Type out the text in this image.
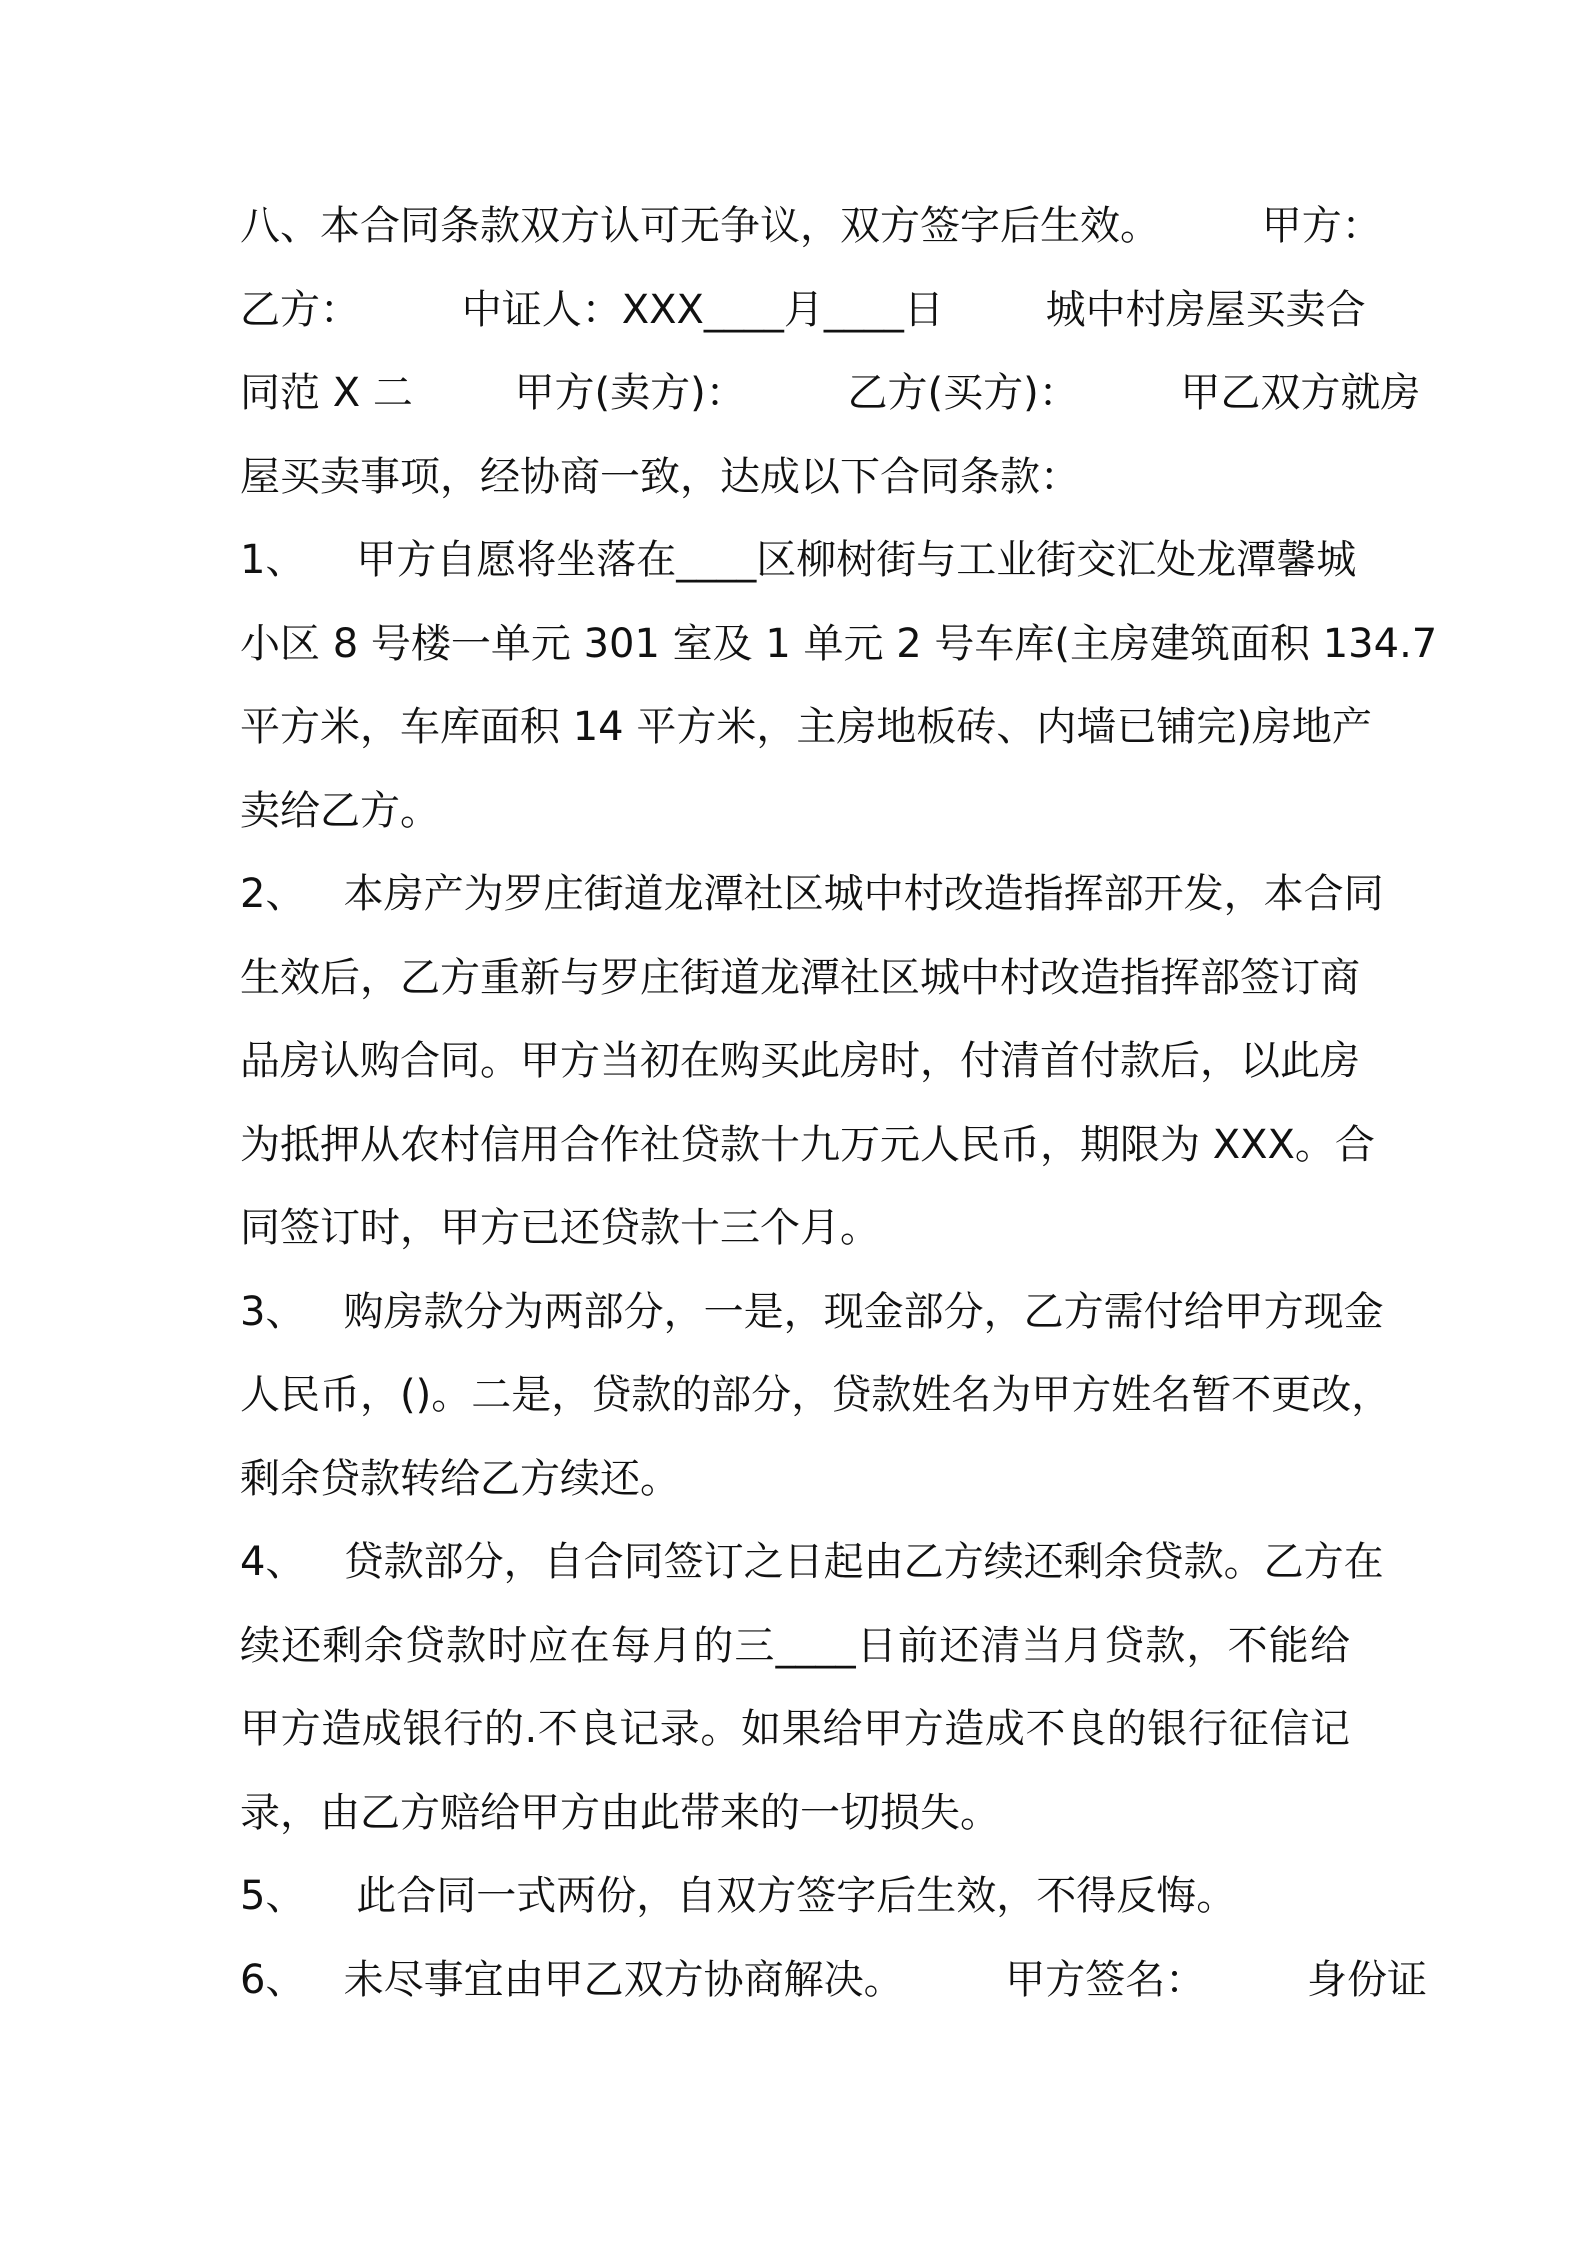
八、本合同条款双方认可无争议，双方签字后生效。        甲方：
乙方：        中证人：XXX____月____日        城中村房屋买卖合
同范 X 二        甲方(卖方)：        乙方(买方)：        甲乙双方就房
屋买卖事项，经协商一致，达成以下合同条款：
1、    甲方自愿将坐落在____区柳树街与工业街交汇处龙潭馨城
小区 8 号楼一单元 301 室及 1 单元 2 号车库(主房建筑面积 134.7
平方米，车库面积 14 平方米，主房地板砖、内墙已铺完)房地产
卖给乙方。
2、   本房产为罗庄街道龙潭社区城中村改造指挥部开发，本合同
生效后，乙方重新与罗庄街道龙潭社区城中村改造指挥部签订商
品房认购合同。甲方当初在购买此房时，付清首付款后，以此房
为抵押从农村信用合作社贷款十九万元人民币，期限为 XXX。合
同签订时，甲方已还贷款十三个月。
3、   购房款分为两部分，一是，现金部分，乙方需付给甲方现金
人民币，()。二是，贷款的部分，贷款姓名为甲方姓名暂不更改，
剩余贷款转给乙方续还。
4、   贷款部分，自合同签订之日起由乙方续还剩余贷款。乙方在
续还剩余贷款时应在每月的三____日前还清当月贷款，不能给
甲方造成银行的.不良记录。如果给甲方造成不良的银行征信记
录，由乙方赔给甲方由此带来的一切损失。
5、    此合同一式两份，自双方签字后生效，不得反悔。
6、   未尽事宜由甲乙双方协商解决。        甲方签名：        身份证
